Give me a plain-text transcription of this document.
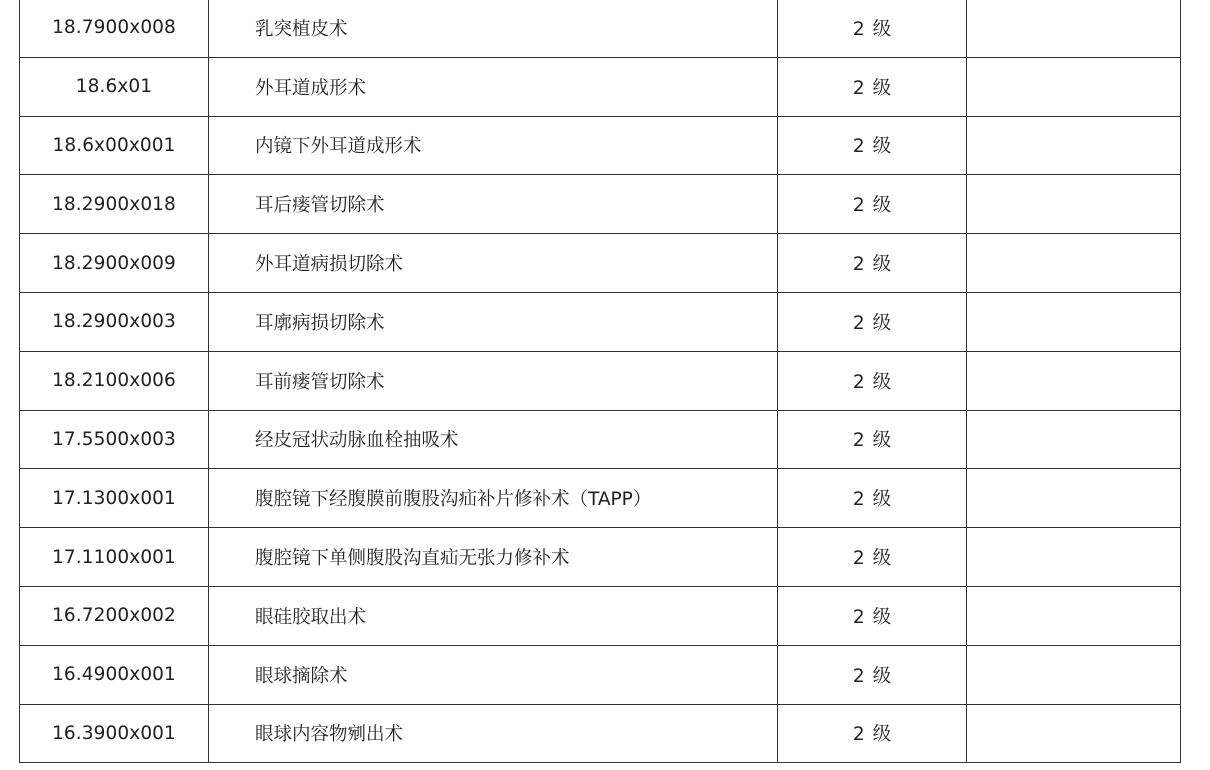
18.7900x008	乳突植皮术	2 级	
18.6x01	外耳道成形术	2 级	
18.6x00x001	内镜下外耳道成形术	2 级	
18.2900x018	耳后瘘管切除术	2 级	
18.2900x009	外耳道病损切除术	2 级	
18.2900x003	耳廓病损切除术	2 级	
18.2100x006	耳前瘘管切除术	2 级	
17.5500x003	经皮冠状动脉血栓抽吸术	2 级	
17.1300x001	腹腔镜下经腹膜前腹股沟疝补片修补术（TAPP）	2 级	
17.1100x001	腹腔镜下单侧腹股沟直疝无张力修补术	2 级	
16.7200x002	眼硅胶取出术	2 级	
16.4900x001	眼球摘除术	2 级	
16.3900x001	眼球内容物剜出术	2 级	
